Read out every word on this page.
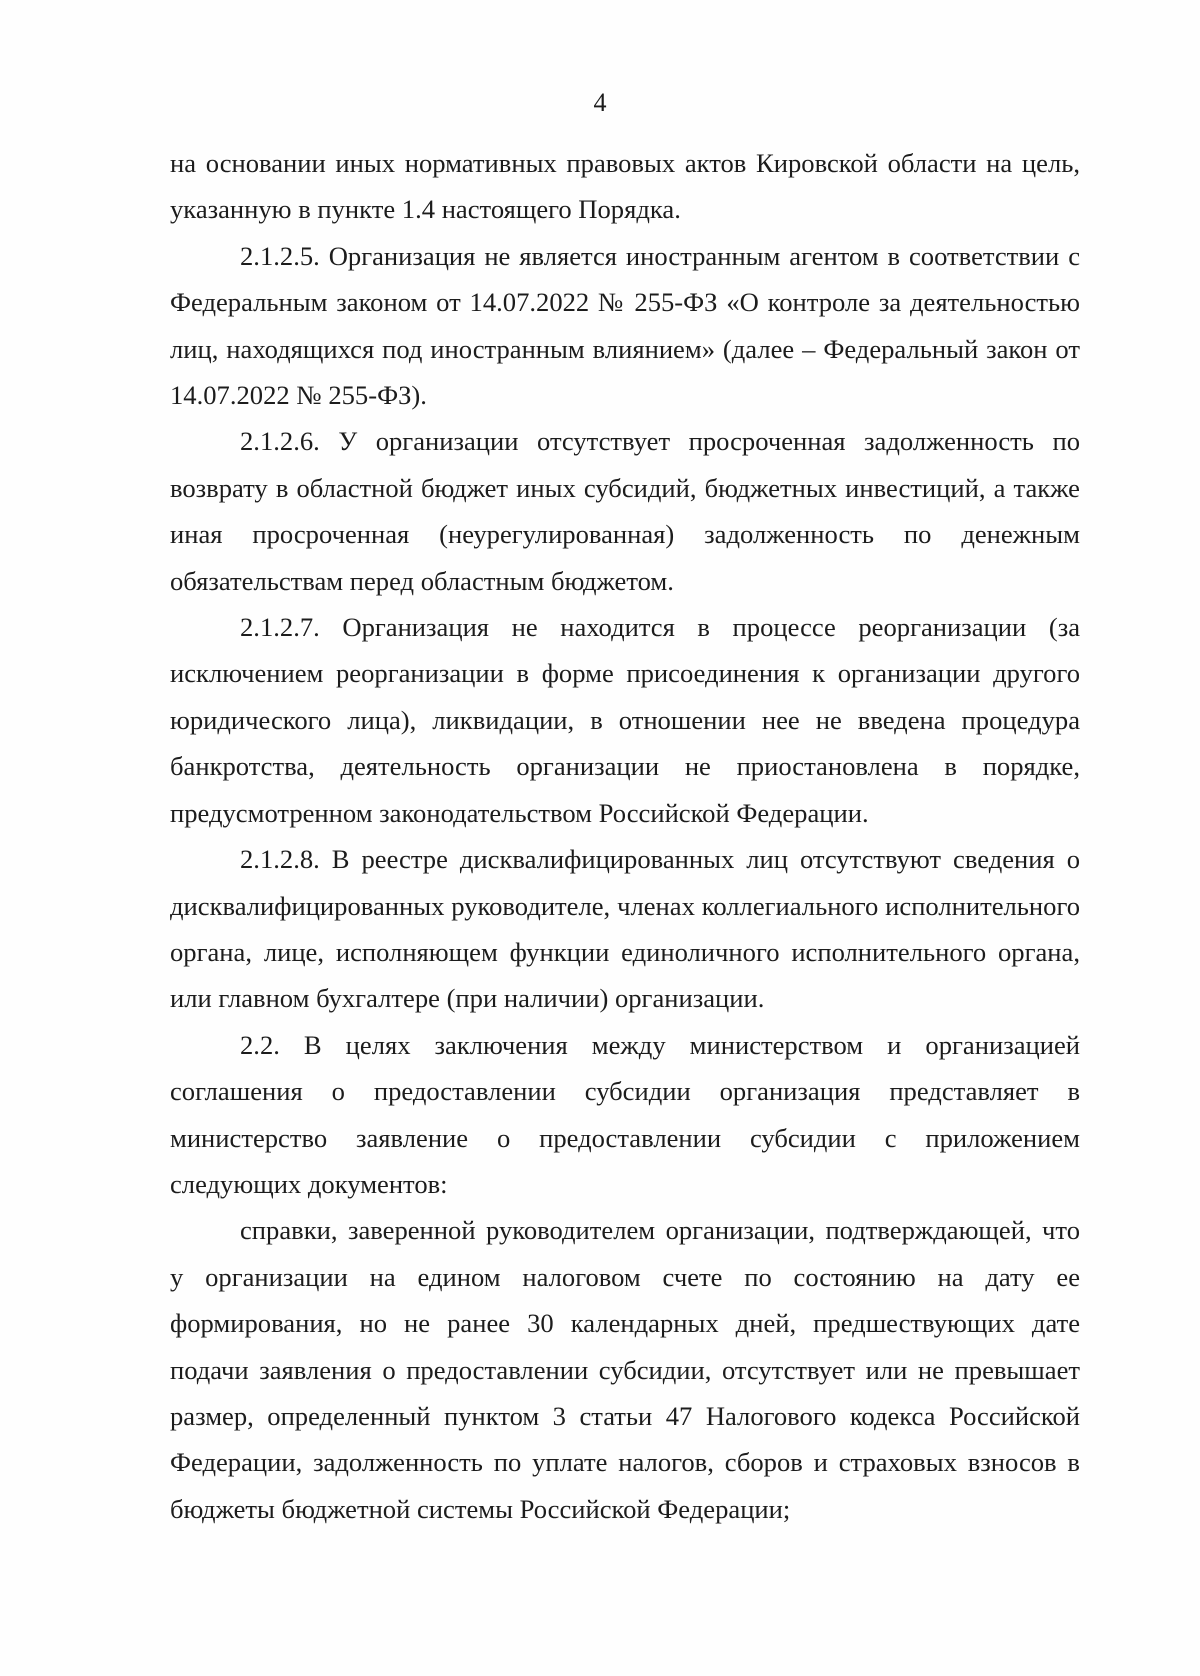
4

на основании иных нормативных правовых актов Кировской области на цель, указанную в пункте 1.4 настоящего Порядка.

2.1.2.5. Организация не является иностранным агентом в соответствии с Федеральным законом от 14.07.2022 № 255-ФЗ «О контроле за деятельностью лиц, находящихся под иностранным влиянием» (далее – Федеральный закон от 14.07.2022 № 255-ФЗ).

2.1.2.6. У организации отсутствует просроченная задолженность по возврату в областной бюджет иных субсидий, бюджетных инвестиций, а также иная просроченная (неурегулированная) задолженность по денежным обязательствам перед областным бюджетом.

2.1.2.7. Организация не находится в процессе реорганизации (за исключением реорганизации в форме присоединения к организации другого юридического лица), ликвидации, в отношении нее не введена процедура банкротства, деятельность организации не приостановлена в порядке, предусмотренном законодательством Российской Федерации.

2.1.2.8. В реестре дисквалифицированных лиц отсутствуют сведения о дисквалифицированных руководителе, членах коллегиального исполнительного органа, лице, исполняющем функции единоличного исполнительного органа, или главном бухгалтере (при наличии) организации.

2.2. В целях заключения между министерством и организацией соглашения о предоставлении субсидии организация представляет в министерство заявление о предоставлении субсидии с приложением следующих документов:

справки, заверенной руководителем организации, подтверждающей, что у организации на едином налоговом счете по состоянию на дату ее формирования, но не ранее 30 календарных дней, предшествующих дате подачи заявления о предоставлении субсидии, отсутствует или не превышает размер, определенный пунктом 3 статьи 47 Налогового кодекса Российской Федерации, задолженность по уплате налогов, сборов и страховых взносов в бюджеты бюджетной системы Российской Федерации;
